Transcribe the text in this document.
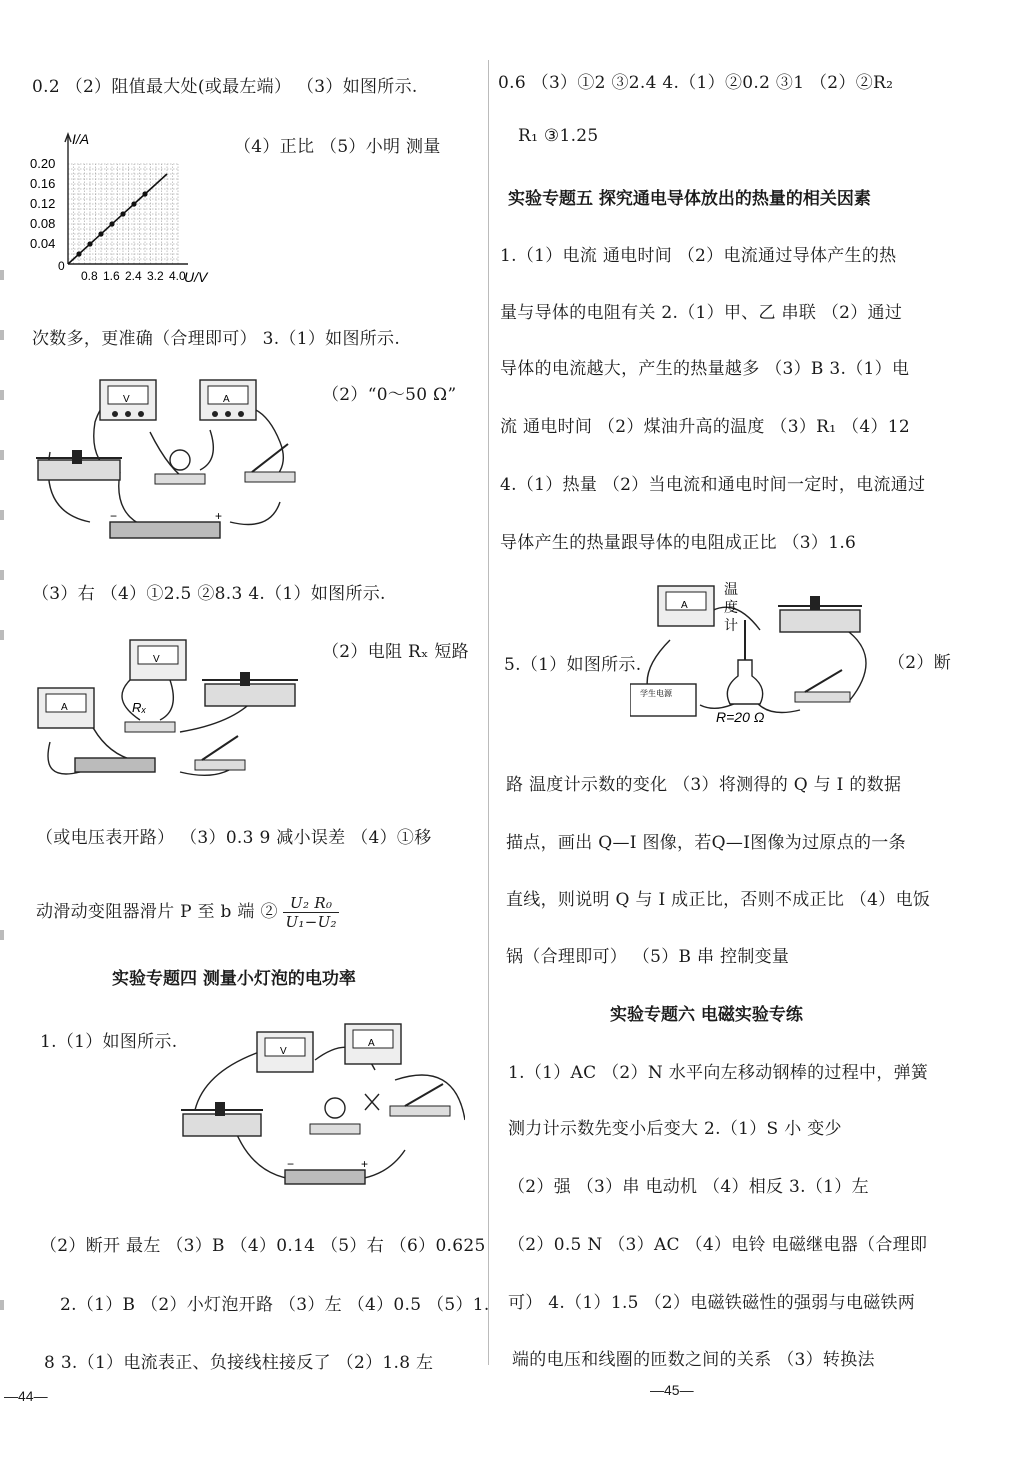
0.2 （2）阻值最大处(或最左端） （3）如图所示.
I/A
U/V
0
0.20
0.16
0.12
0.08
0.04
0.8 1.6 2.4 3.2 4.0
（4）正比 （5）小明 测量
次数多，更准确（合理即可） 3.（1）如图所示.
V	A
−	+
（2）“0～50 Ω”
（3）右 （4）①2.5 ②8.3 4.（1）如图所示.
V
A	Rₓ
（2）电阻 Rₓ 短路
（或电压表开路） （3）0.3 9 减小误差 （4）①移
动滑动变阻器滑片 P 至 b 端 ② $\frac{\text{U₂ R₀}}{\text{U₁−U₂}}$
实验专题四 测量小灯泡的电功率
1.（1）如图所示.	V
A
−	+
（2）断开 最左 （3）B （4）0.14 （5）右 （6）0.625
2.（1）B （2）小灯泡开路 （3）左 （4）0.5 （5）1.
8 3.（1）电流表正、负接线柱接反了 （2）1.8 左
—44—
0.6 （3）①2 ③2.4 4.（1）②0.2 ③1 （2）②R₂
R₁ ③1.25
实验专题五 探究通电导体放出的热量的相关因素
1.（1）电流 通电时间 （2）电流通过导体产生的热
量与导体的电阻有关 2.（1）甲、乙 串联 （2）通过
导体的电流越大，产生的热量越多 （3）B 3.（1）电
流 通电时间 （2）煤油升高的温度 （3）R₁ （4）12
4.（1）热量 （2）当电流和通电时间一定时，电流通过
导体产生的热量跟导体的电阻成正比 （3）1.6
5.（1）如图所示.
A
温
度
计
R=20 Ω
学生电源
（2）断
路 温度计示数的变化 （3）将测得的 Q 与 I 的数据
描点，画出 Q—I 图像，若Q—I图像为过原点的一条
直线，则说明 Q 与 I 成正比，否则不成正比 （4）电饭
锅（合理即可） （5）B 串 控制变量
实验专题六 电磁实验专练
1.（1）AC （2）N 水平向左移动钢棒的过程中，弹簧
测力计示数先变小后变大 2.（1）S 小 变少
（2）强 （3）串 电动机 （4）相反 3.（1）左
（2）0.5 N （3）AC （4）电铃 电磁继电器（合理即
可） 4.（1）1.5 （2）电磁铁磁性的强弱与电磁铁两
端的电压和线圈的匝数之间的关系 （3）转换法
—45—
